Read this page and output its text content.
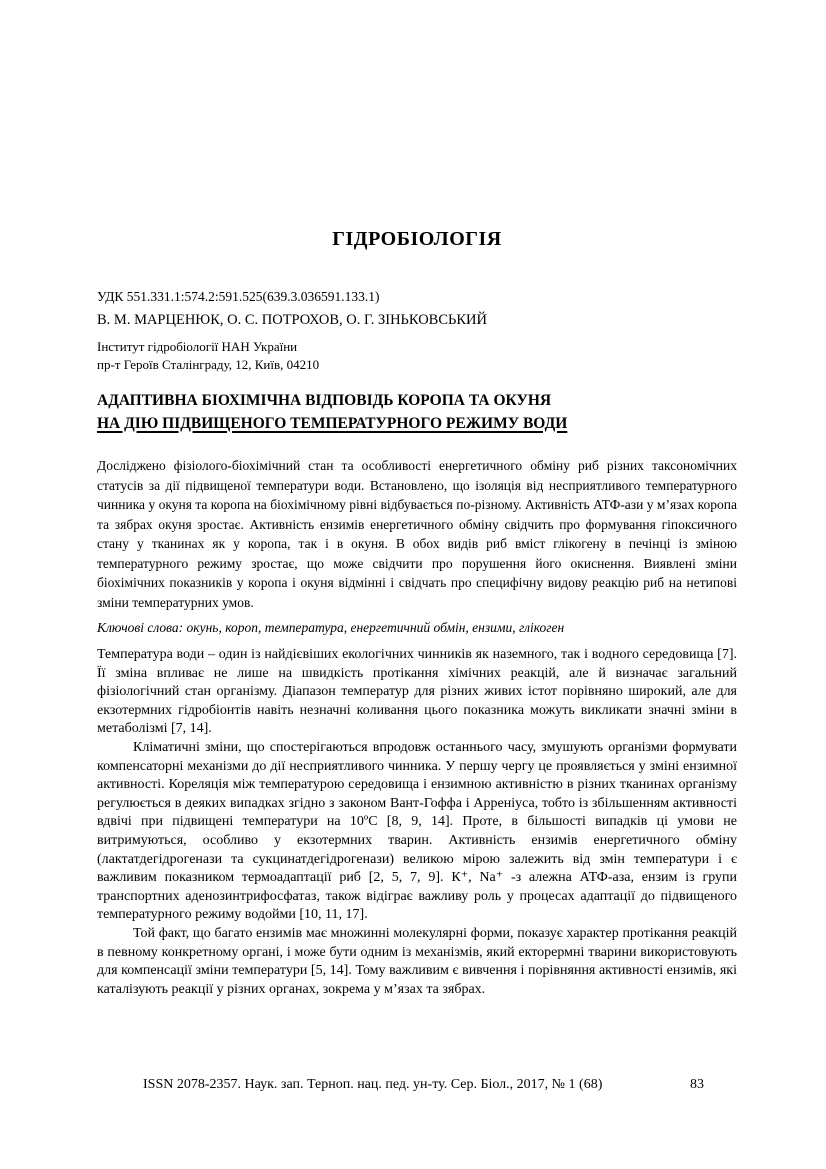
ГІДРОБІОЛОГІЯ

УДК 551.331.1:574.2:591.525(639.3.036591.133.1)

В. М. МАРЦЕНЮК, О. С. ПОТРОХОВ, О. Г. ЗІНЬКОВСЬКИЙ

Інститут гідробіології НАН України

пр-т Героїв Сталінграду, 12, Київ, 04210

АДАПТИВНА БІОХІМІЧНА ВІДПОВІДЬ КОРОПА ТА ОКУНЯ
НА ДІЮ ПІДВИЩЕНОГО ТЕМПЕРАТУРНОГО РЕЖИМУ ВОДИ

Досліджено фізіолого-біохімічний стан та особливості енергетичного обміну риб різних таксономічних статусів за дії підвищеної температури води. Встановлено, що ізоляція від несприятливого температурного чинника у окуня та коропа на біохімічному рівні відбувається по-різному. Активність АТФ-ази у м’язах коропа та зябрах окуня зростає. Активність ензимів енергетичного обміну свідчить про формування гіпоксичного стану у тканинах як у коропа, так і в окуня. В обох видів риб вміст глікогену в печінці із зміною температурного режиму зростає, що може свідчити про порушення його окиснення. Виявлені зміни біохімічних показників у коропа і окуня відмінні і свідчать про специфічну видову реакцію риб на нетипові зміни температурних умов.

Ключові слова: окунь, короп, температура, енергетичний обмін, ензими, глікоген

Температура води – один із найдієвіших екологічних чинників як наземного, так і водного середовища [7]. Її зміна впливає не лише на швидкість протікання хімічних реакцій, але й визначає загальний фізіологічний стан організму. Діапазон температур для різних живих істот порівняно широкий, але для екзотермних гідробіонтів навіть незначні коливання цього показника можуть викликати значні зміни в метаболізмі [7, 14].

Кліматичні зміни, що спостерігаються впродовж останнього часу, змушують організми формувати компенсаторні механізми до дії несприятливого чинника. У першу чергу це проявляється у зміні ензимної активності. Кореляція між температурою середовища і ензимною активністю в різних тканинах організму регулюється в деяких випадках згідно з законом Вант-Гоффа і Арреніуса, тобто із збільшенням активності вдвічі при підвищені температури на 10ºС [8, 9, 14]. Проте, в більшості випадків ці умови не витримуються, особливо у екзотермних тварин. Активність ензимів енергетичного обміну (лактатдегідрогенази та сукцинатдегідрогенази) великою мірою залежить від змін температури і є важливим показником термоадаптації риб [2, 5, 7, 9]. К⁺, Na⁺ -з алежна АТФ-аза, ензим із групи транспортних аденозинтрифосфатаз, також відіграє важливу роль у процесах адаптації до підвищеного температурного режиму водойми [10, 11, 17].

Той факт, що багато ензимів має множинні молекулярні форми, показує характер протікання реакцій в певному конкретному органі, і може бути одним із механізмів, який екторермні тварини використовують для компенсації зміни температури [5, 14]. Тому важливим є вивчення і порівняння активності ензимів, які каталізують реакції у різних органах, зокрема у м’язах та зябрах.

ISSN 2078-2357. Наук. зап. Терноп. нац. пед. ун-ту. Сер. Біол., 2017, № 1 (68)	83
